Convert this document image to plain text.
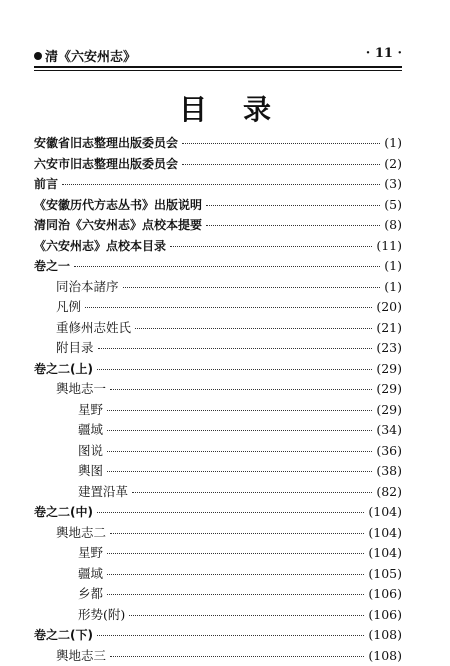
清《六安州志》	· 11 ·
目录
安徽省旧志整理出版委员会	(1)
六安市旧志整理出版委员会	(2)
前言	(3)
《安徽历代方志丛书》出版说明	(5)
清同治《六安州志》点校本提要	(8)
《六安州志》点校本目录	(11)
卷之一	(1)
同治本諸序	(1)
凡例	(20)
重修州志姓氏	(21)
附目录	(23)
卷之二(上)	(29)
輿地志一	(29)
星野	(29)
疆域	(34)
图说	(36)
輿图	(38)
建置沿革	(82)
卷之二(中)	(104)
輿地志二	(104)
星野	(104)
疆域	(105)
乡都	(106)
形势(附)	(106)
卷之二(下)	(108)
輿地志三	(108)
